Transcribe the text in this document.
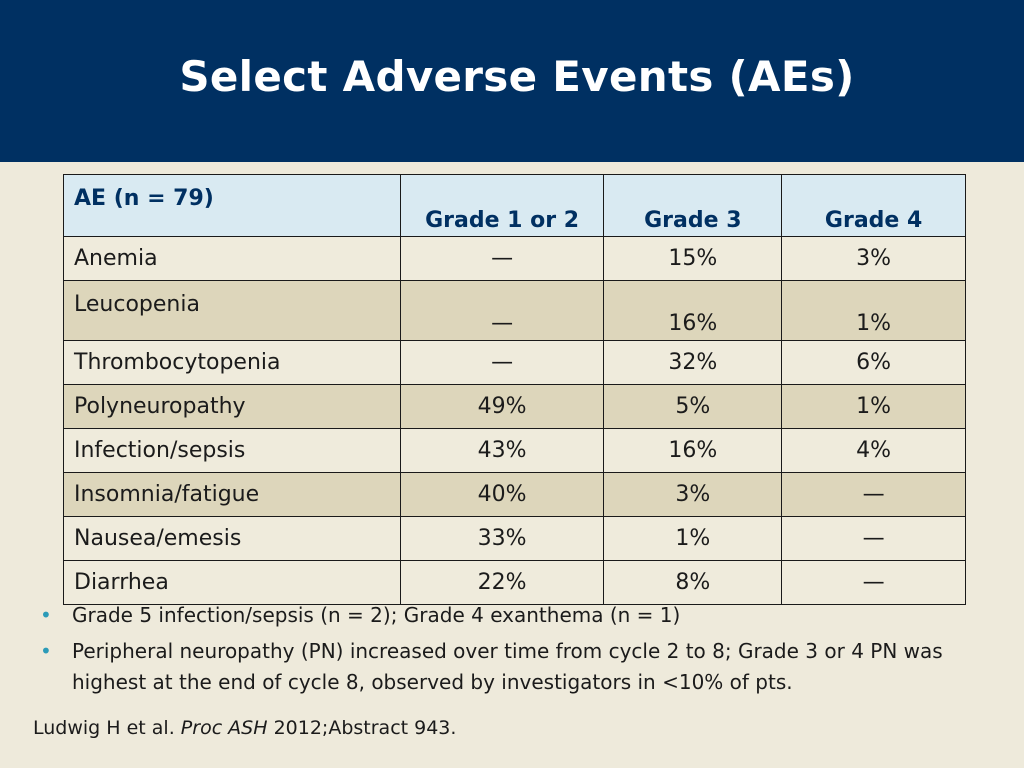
Select Adverse Events (AEs)
AE (n = 79)	Grade 1 or 2	Grade 3	Grade 4
Anemia	—	15%	3%
Leucopenia	—	16%	1%
Thrombocytopenia	—	32%	6%
Polyneuropathy	49%	5%	1%
Infection/sepsis	43%	16%	4%
Insomnia/fatigue	40%	3%	—
Nausea/emesis	33%	1%	—
Diarrhea	22%	8%	—
• Grade 5 infection/sepsis (n = 2); Grade 4 exanthema (n = 1)
• Peripheral neuropathy (PN) increased over time from cycle 2 to 8; Grade 3 or 4 PN was highest at the end of cycle 8, observed by investigators in <10% of pts.

Ludwig H et al. Proc ASH 2012;Abstract 943.
